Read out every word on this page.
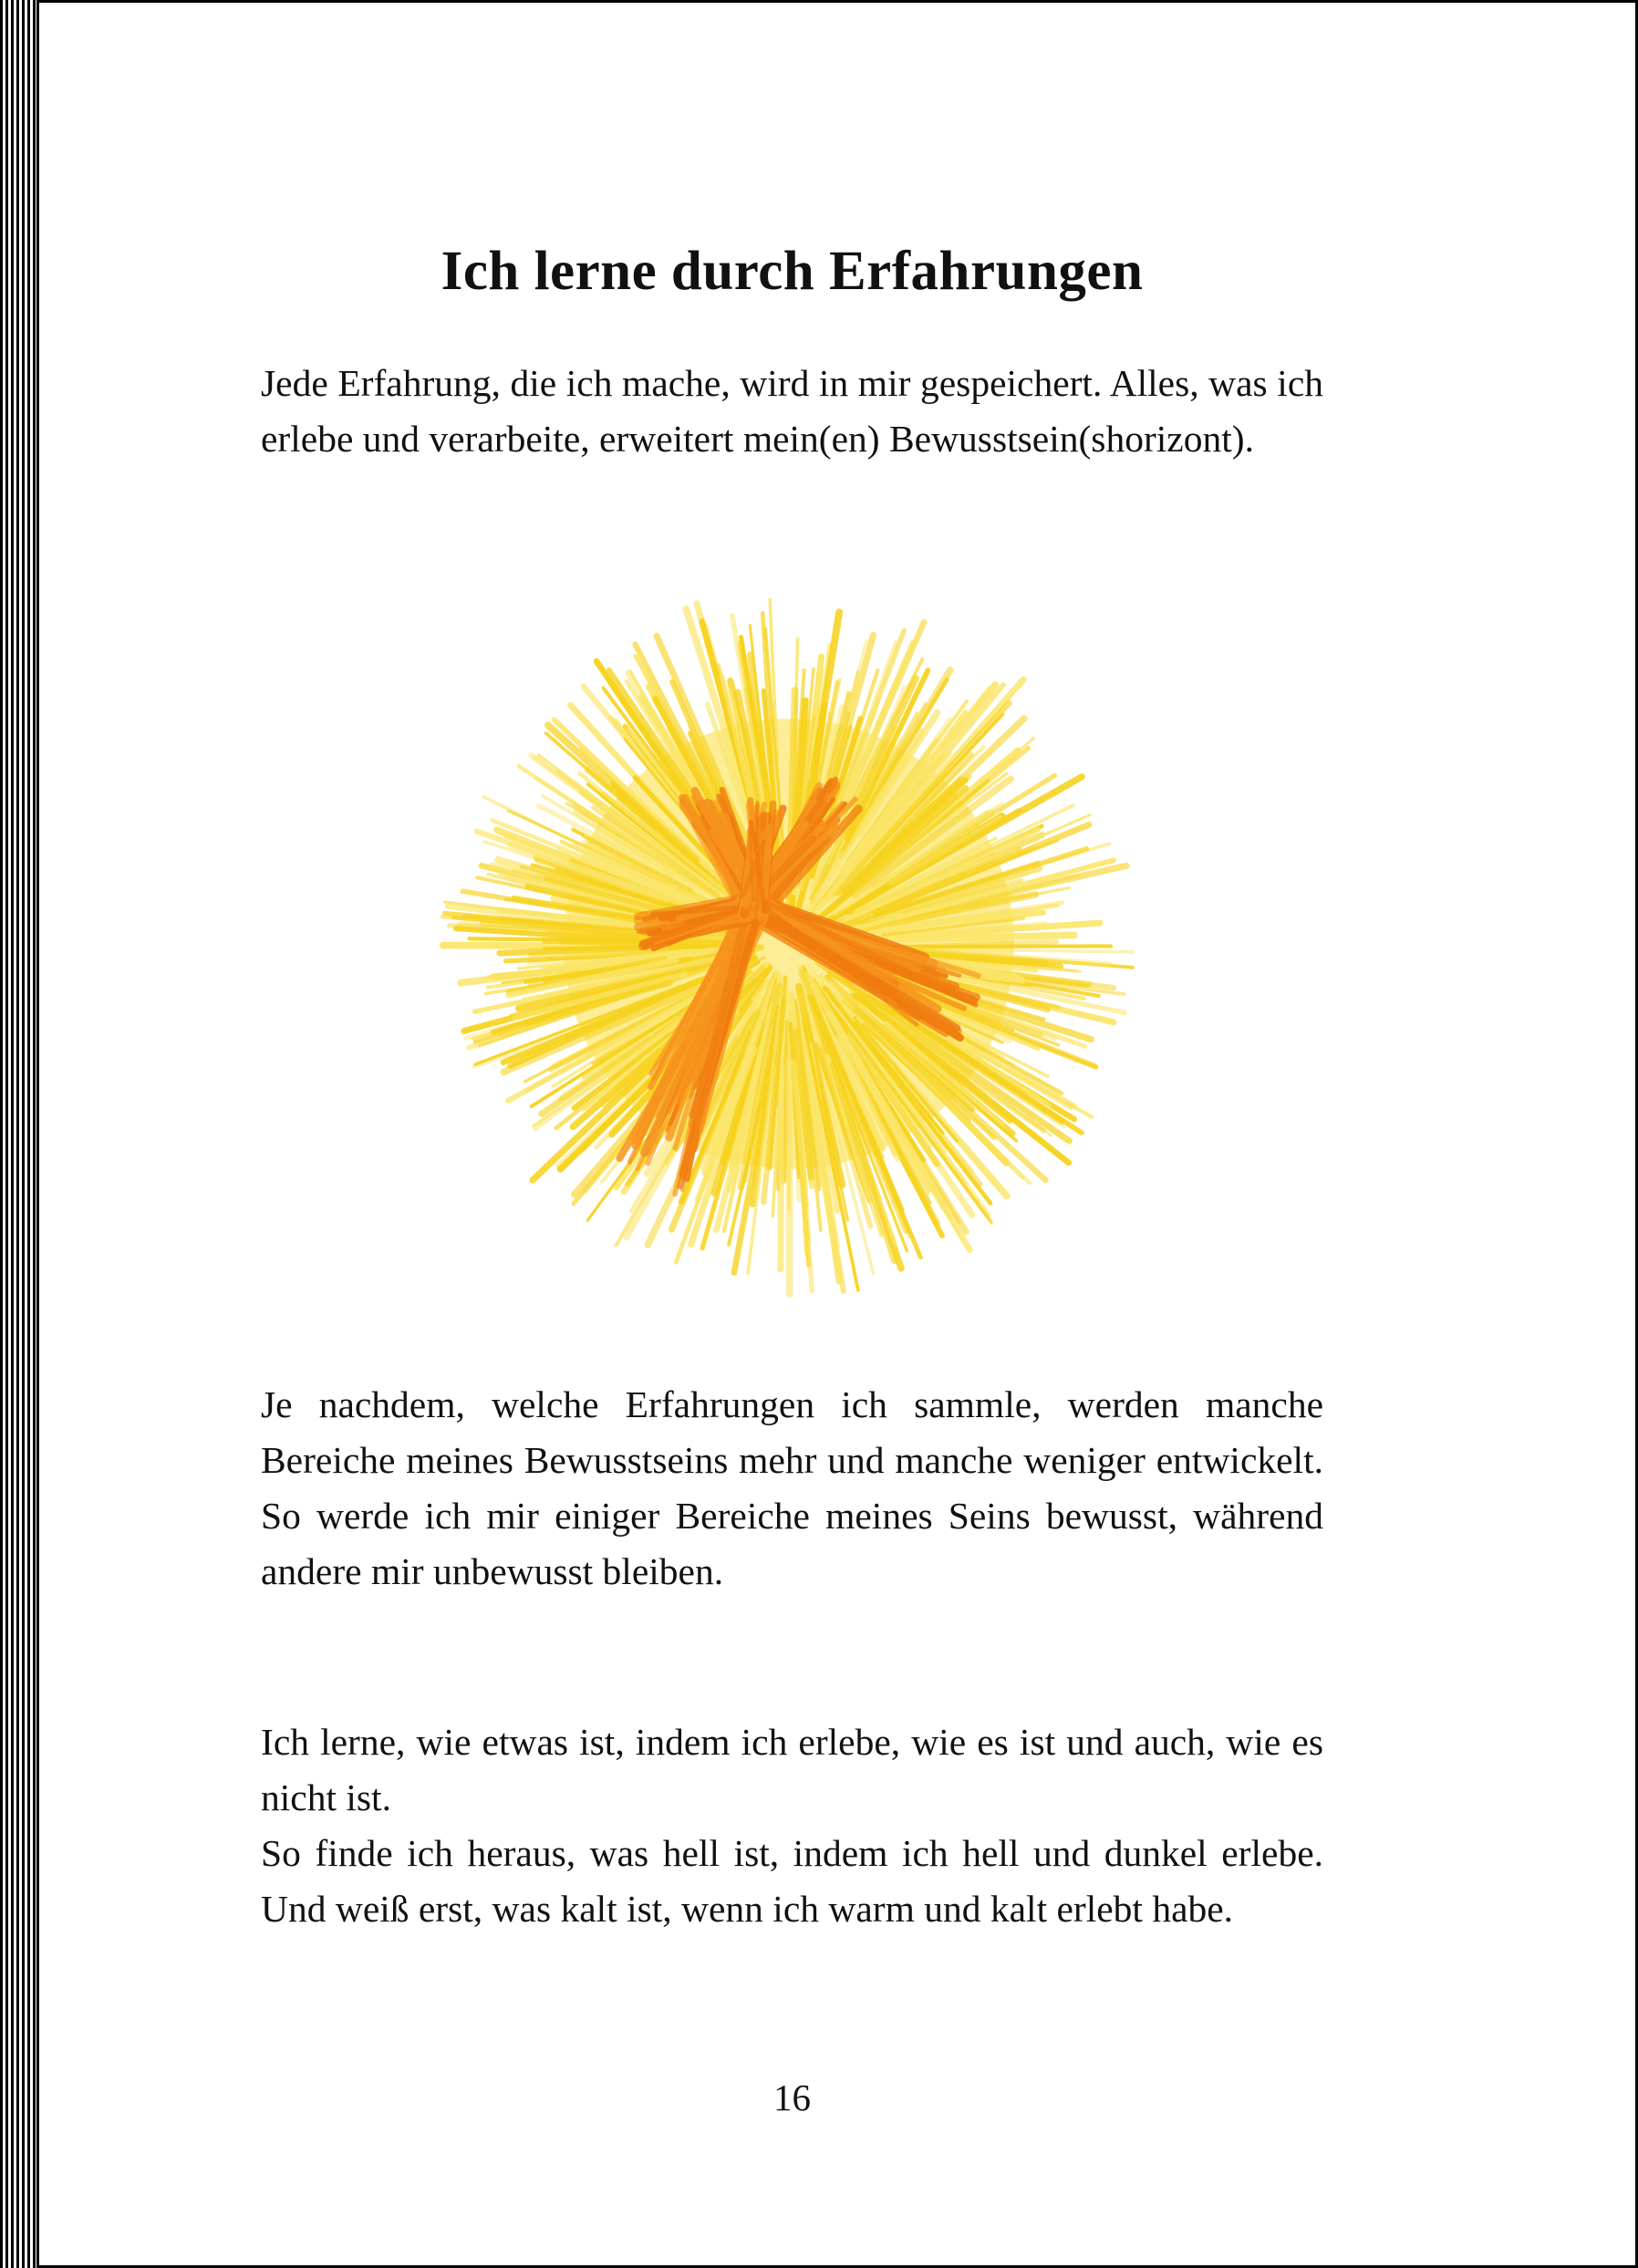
Ich lerne durch Erfahrungen

Jede Erfahrung, die ich mache, wird in mir gespeichert. Alles, was ich erlebe und verarbeite, erweitert mein(en) Bewusstsein(shorizont).

Je nachdem, welche Erfahrungen ich sammle, werden manche Bereiche meines Bewusstseins mehr und manche weniger entwickelt. So werde ich mir einiger Bereiche meines Seins bewusst, während andere mir unbewusst bleiben.

Ich lerne, wie etwas ist, indem ich erlebe, wie es ist und auch, wie es nicht ist.

So finde ich heraus, was hell ist, indem ich hell und dunkel erlebe. Und weiß erst, was kalt ist, wenn ich warm und kalt erlebt habe.

16
